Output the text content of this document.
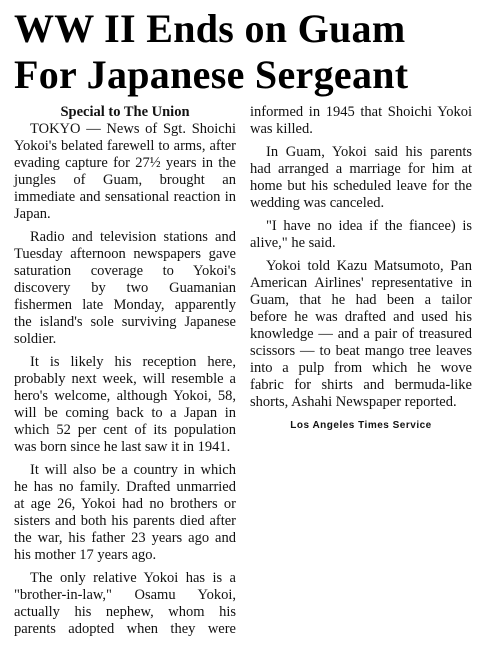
WW II Ends on Guam
For Japanese Sergeant
Special to The Union

TOKYO — News of Sgt. Shoichi Yokoi's belated farewell to arms, after evading capture for 27½ years in the jungles of Guam, brought an immediate and sensational reaction in Japan.

Radio and television stations and Tuesday afternoon newspapers gave saturation coverage to Yokoi's discovery by two Guamanian fishermen late Monday, apparently the island's sole surviving Japanese soldier.

It is likely his reception here, probably next week, will resemble a hero's welcome, although Yokoi, 58, will be coming back to a Japan in which 52 per cent of its population was born since he last saw it in 1941.

It will also be a country in which he has no family. Drafted unmarried at age 26, Yokoi had no brothers or sisters and both his parents died after the war, his father 23 years ago and his mother 17 years ago.

The only relative Yokoi has is a "brother-in-law," Osamu Yokoi, actually his nephew, whom his parents adopted when they were informed in 1945 that Shoichi Yokoi was killed.

In Guam, Yokoi said his parents had arranged a marriage for him at home but his scheduled leave for the wedding was canceled.

"I have no idea if the fiancee) is alive," he said.

Yokoi told Kazu Matsumoto, Pan American Airlines' representative in Guam, that he had been a tailor before he was drafted and used his knowledge — and a pair of treasured scissors — to beat mango tree leaves into a pulp from which he wove fabric for shirts and bermuda-like shorts, Ashahi Newspaper reported.

Los Angeles Times Service
